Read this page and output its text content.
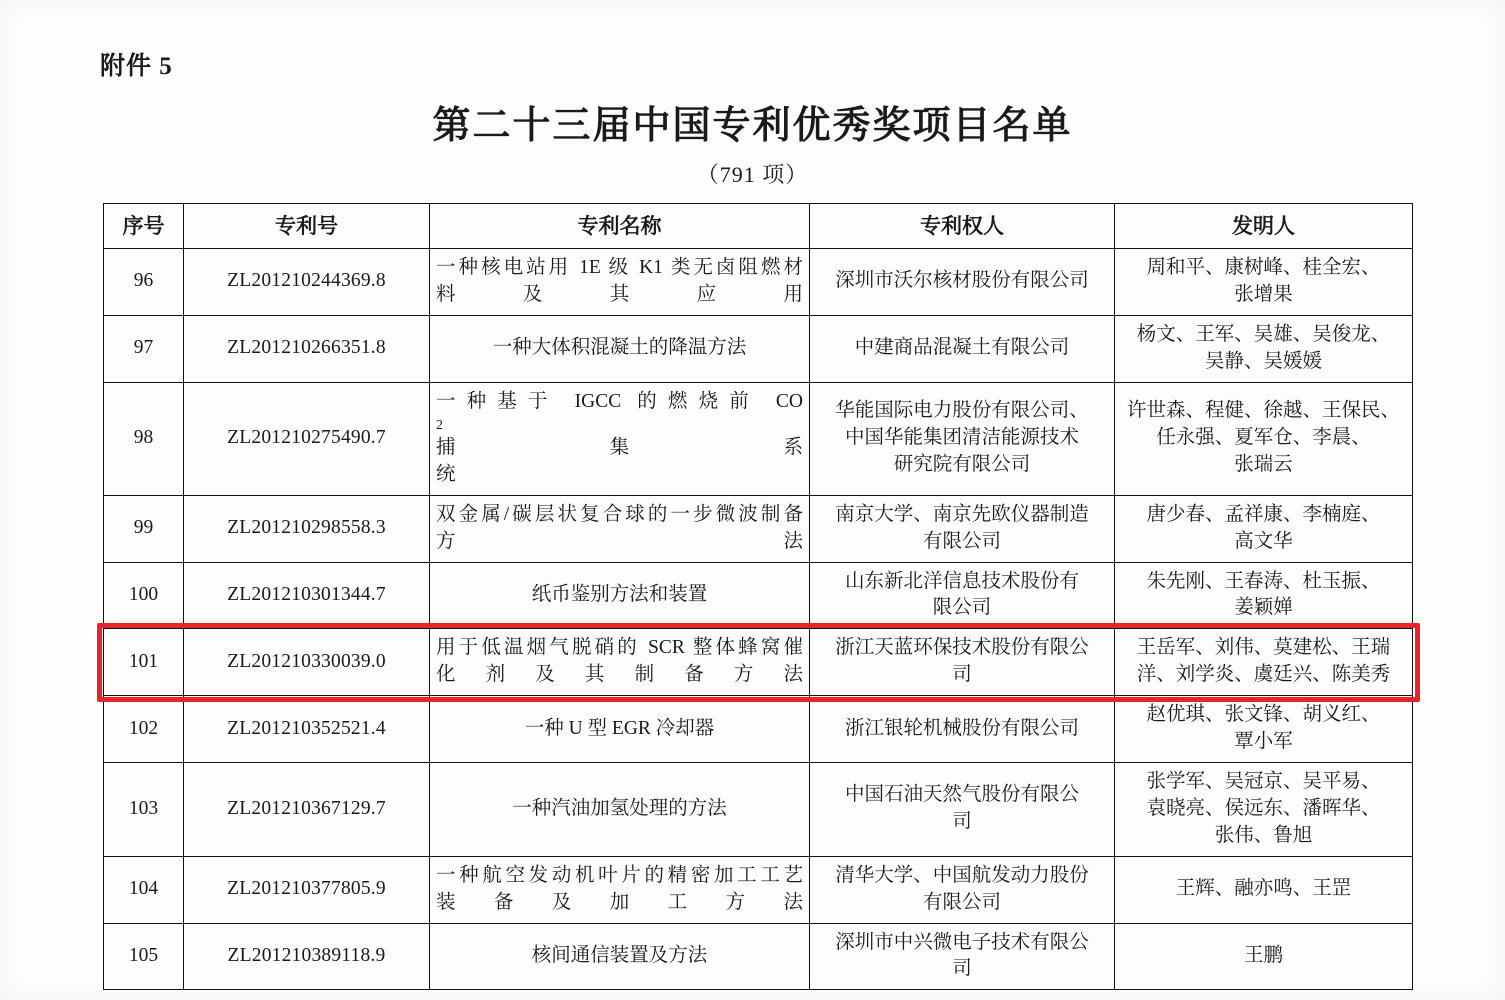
附件 5
第二十三届中国专利优秀奖项目名单
（791 项）
序号	专利号	专利名称	专利权人	发明人
96	ZL201210244369.8	一种核电站用 1E 级 K1 类无卤阻燃材
料及其应用	深圳市沃尔核材股份有限公司	周和平、康树峰、桂全宏、
张增果

97	ZL201210266351.8	一种大体积混凝土的降温方法	中建商品混凝土有限公司	杨文、王军、吴雄、吴俊龙、
吴静、吴媛媛

98	ZL201210275490.7	一种基于 IGCC 的燃烧前 CO
2
捕集系
统	华能国际电力股份有限公司、
中国华能集团清洁能源技术
研究院有限公司	许世森、程健、徐越、王保民、
任永强、夏军仓、李晨、
张瑞云

99	ZL201210298558.3	双金属/碳层状复合球的一步微波制备
方法	南京大学、南京先欧仪器制造
有限公司	唐少春、孟祥康、李楠庭、
高文华

100	ZL201210301344.7	纸币鉴别方法和装置	山东新北洋信息技术股份有
限公司	朱先刚、王春涛、杜玉振、
姜颖婵

101	ZL201210330039.0	用于低温烟气脱硝的 SCR 整体蜂窝催
化剂及其制备方法	浙江天蓝环保技术股份有限公
司	王岳军、刘伟、莫建松、王瑞
洋、刘学炎、虞廷兴、陈美秀

102	ZL201210352521.4	一种 U 型 EGR 冷却器	浙江银轮机械股份有限公司	赵优琪、张文锋、胡义红、
覃小军

103	ZL201210367129.7	一种汽油加氢处理的方法	中国石油天然气股份有限公
司	张学军、吴冠京、吴平易、
袁晓亮、侯远东、潘晖华、
张伟、鲁旭

104	ZL201210377805.9	一种航空发动机叶片的精密加工工艺
装备及加工方法	清华大学、中国航发动力股份
有限公司	王辉、融亦鸣、王罡

105	ZL201210389118.9	核间通信装置及方法	深圳市中兴微电子技术有限公
司	王鹏
